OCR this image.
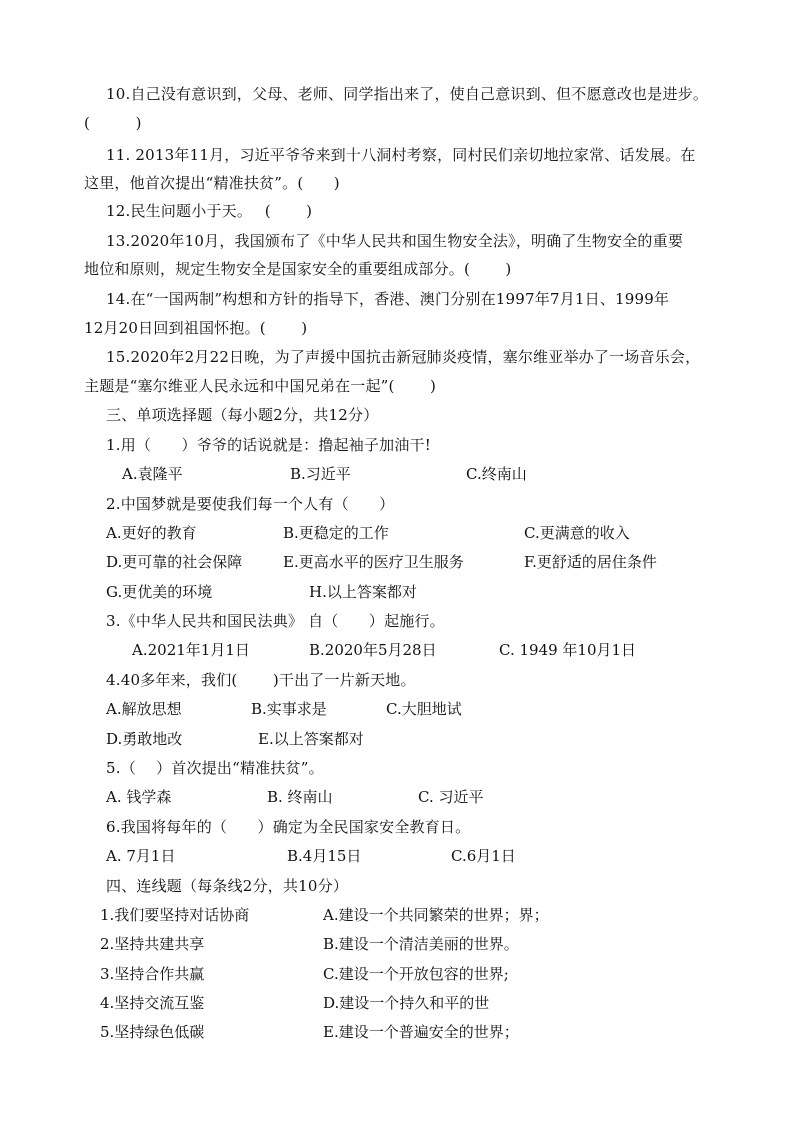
10.自己没有意识到，父母、老师、同学指出来了，使自己意识到、但不愿意改也是进步。
(　　　)
11. 2013年11月，习近平爷爷来到十八洞村考察，同村民们亲切地拉家常、话发展。在
这里，他首次提出“精准扶贫”。(　　)
12.民生问题小于天。　 (　　 )
13.2020年10月，我国颁布了《中华人民共和国生物安全法》，明确了生物安全的重要
地位和原则，规定生物安全是国家安全的重要组成部分。(　　 )
14.在“一国两制”构想和方针的指导下，香港、澳门分别在1997年7月1日、1999年
12月20日回到祖国怀抱。(　　 )
15.2020年2月22日晚，为了声援中国抗击新冠肺炎疫情，塞尔维亚举办了一场音乐会，
主题是“塞尔维亚人民永远和中国兄弟在一起”(　　 )
三、单项选择题（每小题2分，共12分）
1.用（　　）爷爷的话说就是：撸起袖子加油干!
A.袁隆平	B.习近平	C.终南山
2.中国梦就是要使我们每一个人有（　　）
A.更好的教育	B.更稳定的工作	C.更满意的收入
D.更可靠的社会保障	E.更高水平的医疗卫生服务	F.更舒适的居住条件
G.更优美的环境	H.以上答案都对
3.《中华人民共和国民法典》 自（　　）起施行。
A.2021年1月1日	B.2020年5月28日	C. 1949 年10月1日
4.40多年来，我们(　　 )干出了一片新天地。
A.解放思想	B.实事求是	C.大胆地试
D.勇敢地改	E.以上答案都对
5.（　 ）首次提出“精准扶贫”。
A. 钱学森	B. 终南山	C. 习近平
6.我国将每年的（　　）确定为全民国家安全教育日。
A. 7月1日	B.4月15日	C.6月1日
四、连线题（每条线2分，共10分）
1.我们要坚持对话协商	A.建设一个共同繁荣的世界；界；
2.坚持共建共享	B.建设一个清洁美丽的世界。
3.坚持合作共赢	C.建设一个开放包容的世界;
4.坚持交流互鉴	D.建设一个持久和平的世
5.坚持绿色低碳	E.建设一个普遍安全的世界；
